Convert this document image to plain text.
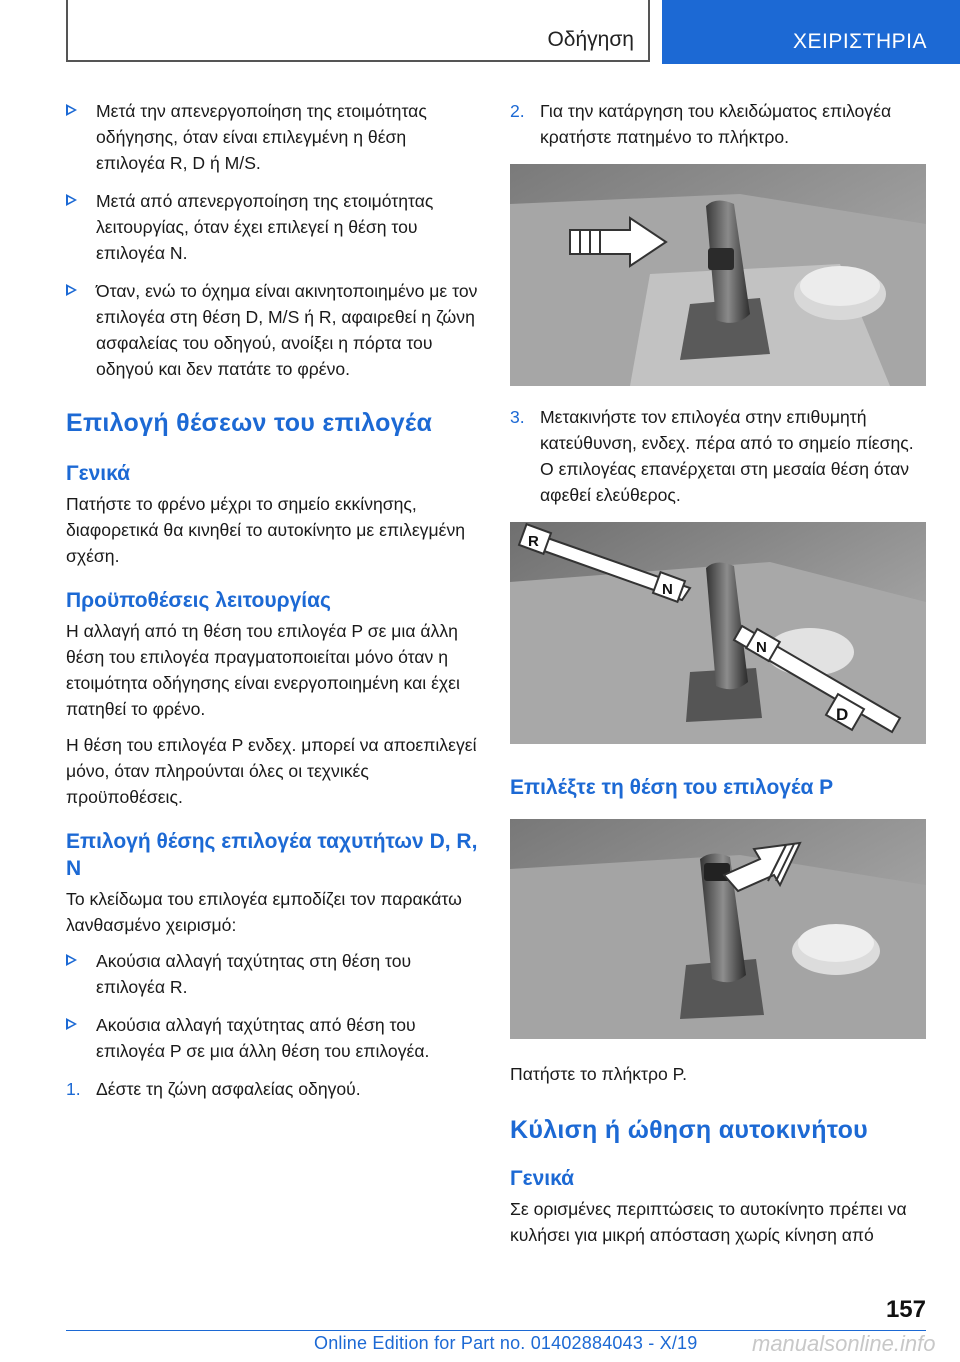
Οδήγηση	ΧΕΙΡΙΣΤΗΡΙΑ
Μετά την απενεργοποίηση της ετοιμότητας οδήγησης, όταν είναι επιλεγμένη η θέση επιλογέα R, D ή M/S.
Μετά από απενεργοποίηση της ετοιμότητας λειτουργίας, όταν έχει επιλεγεί η θέση του επιλογέα N.
Όταν, ενώ το όχημα είναι ακινητοποιημένο με τον επιλογέα στη θέση D, M/S ή R, αφαιρεθεί η ζώνη ασφαλείας του οδηγού, ανοίξει η πόρτα του οδηγού και δεν πατάτε το φρένο.
Επιλογή θέσεων του επιλογέα
Γενικά
Πατήστε το φρένο μέχρι το σημείο εκκίνησης, διαφορετικά θα κινηθεί το αυτοκίνητο με επιλεγμένη σχέση.
Προϋποθέσεις λειτουργίας
Η αλλαγή από τη θέση του επιλογέα P σε μια άλλη θέση του επιλογέα πραγματοποιείται μόνο όταν η ετοιμότητα οδήγησης είναι ενεργοποιημένη και έχει πατηθεί το φρένο.
Η θέση του επιλογέα P ενδεχ. μπορεί να αποεπιλεγεί μόνο, όταν πληρούνται όλες οι τεχνικές προϋποθέσεις.
Επιλογή θέσης επιλογέα ταχυτήτων D, R, N
Το κλείδωμα του επιλογέα εμποδίζει τον παρακάτω λανθασμένο χειρισμό:
Ακούσια αλλαγή ταχύτητας στη θέση του επιλογέα R.
Ακούσια αλλαγή ταχύτητας από θέση του επιλογέα P σε μια άλλη θέση του επιλογέα.
1. Δέστε τη ζώνη ασφαλείας οδηγού.
2. Για την κατάργηση του κλειδώματος επιλογέα κρατήστε πατημένο το πλήκτρο.
3. Μετακινήστε τον επιλογέα στην επιθυμητή κατεύθυνση, ενδεχ. πέρα από το σημείο πίεσης. Ο επιλογέας επανέρχεται στη μεσαία θέση όταν αφεθεί ελεύθερος.
R
N
N
D
Επιλέξτε τη θέση του επιλογέα P
Πατήστε το πλήκτρο P.
Κύλιση ή ώθηση αυτοκινήτου
Γενικά
Σε ορισμένες περιπτώσεις το αυτοκίνητο πρέπει να κυλήσει για μικρή απόσταση χωρίς κίνηση από
157
Online Edition for Part no. 01402884043 - X/19 manualsonline.info
